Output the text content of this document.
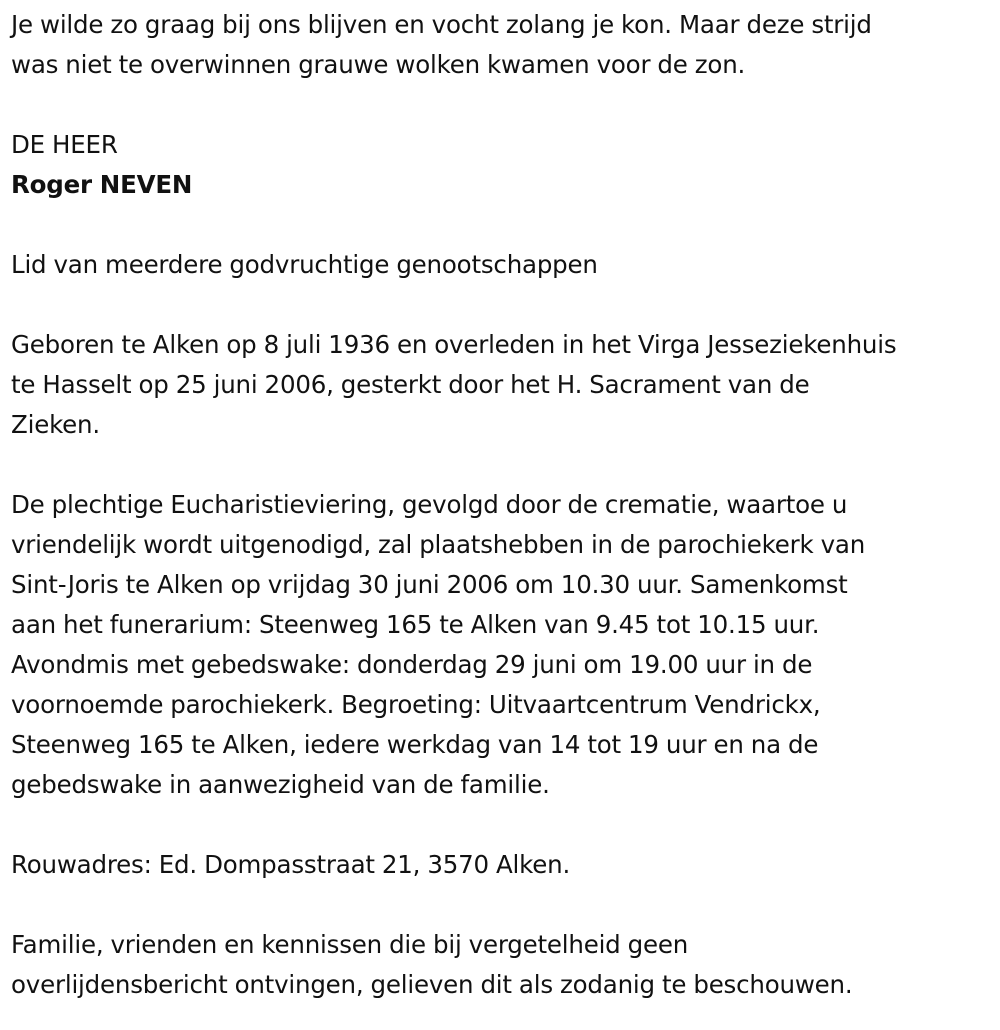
Je wilde zo graag bij ons blijven en vocht zolang je kon. Maar deze strijd

was niet te overwinnen grauwe wolken kwamen voor de zon.

DE HEER

Roger NEVEN

Lid van meerdere godvruchtige genootschappen

Geboren te Alken op 8 juli 1936 en overleden in het Virga Jesseziekenhuis

te Hasselt op 25 juni 2006, gesterkt door het H. Sacrament van de

Zieken.

De plechtige Eucharistieviering, gevolgd door de crematie, waartoe u

vriendelijk wordt uitgenodigd, zal plaatshebben in de parochiekerk van

Sint-Joris te Alken op vrijdag 30 juni 2006 om 10.30 uur. Samenkomst

aan het funerarium: Steenweg 165 te Alken van 9.45 tot 10.15 uur.

Avondmis met gebedswake: donderdag 29 juni om 19.00 uur in de

voornoemde parochiekerk. Begroeting: Uitvaartcentrum Vendrickx,

Steenweg 165 te Alken, iedere werkdag van 14 tot 19 uur en na de

gebedswake in aanwezigheid van de familie.

Rouwadres: Ed. Dompasstraat 21, 3570 Alken.

Familie, vrienden en kennissen die bij vergetelheid geen

overlijdensbericht ontvingen, gelieven dit als zodanig te beschouwen.
